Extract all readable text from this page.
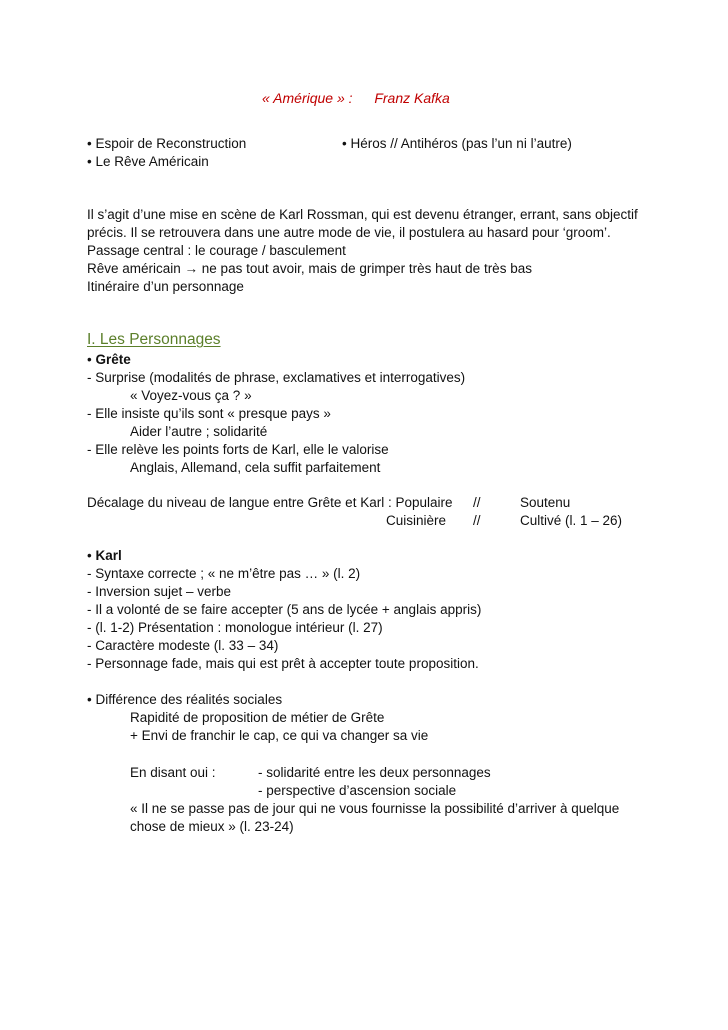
« Amérique » : Franz Kafka
• Espoir de Reconstruction	• Héros // Antihéros (pas l’un ni l’autre)
• Le Rêve Américain
Il s’agit d’une mise en scène de Karl Rossman, qui est devenu étranger, errant, sans objectif
précis. Il se retrouvera dans une autre mode de vie, il postulera au hasard pour ‘groom’.
Passage central : le courage / basculement
Rêve américain → ne pas tout avoir, mais de grimper très haut de très bas
Itinéraire d’un personnage
I. Les Personnages
• Grête
- Surprise (modalités de phrase, exclamatives et interrogatives)
« Voyez-vous ça ? »
- Elle insiste qu’ils sont « presque pays »
Aider l’autre ; solidarité
- Elle relève les points forts de Karl, elle le valorise
Anglais, Allemand, cela suffit parfaitement
Décalage du niveau de langue entre Grête et Karl : Populaire //	Soutenu
Cuisinière //	Cultivé (l. 1 – 26)
• Karl
- Syntaxe correcte ; « ne m’être pas … » (l. 2)
- Inversion sujet – verbe
- Il a volonté de se faire accepter (5 ans de lycée + anglais appris)
- (l. 1-2) Présentation : monologue intérieur (l. 27)
- Caractère modeste (l. 33 – 34)
- Personnage fade, mais qui est prêt à accepter toute proposition.
• Différence des réalités sociales
Rapidité de proposition de métier de Grête
+ Envi de franchir le cap, ce qui va changer sa vie
En disant oui :	- solidarité entre les deux personnages
- perspective d’ascension sociale
« Il ne se passe pas de jour qui ne vous fournisse la possibilité d’arriver à quelque
chose de mieux » (l. 23-24)
